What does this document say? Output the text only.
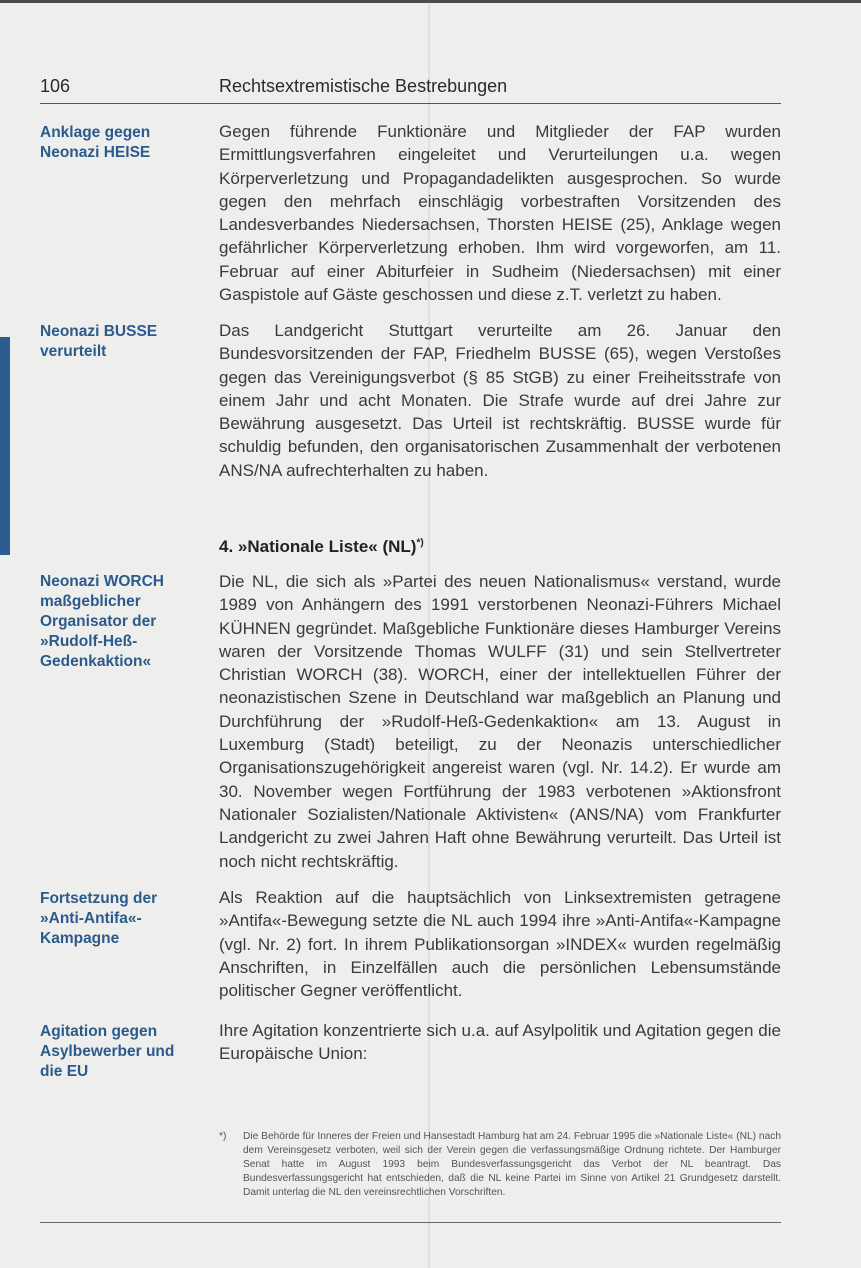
106	Rechtsextremistische Bestrebungen
Anklage gegen Neonazi HEISE
Neonazi BUSSE verurteilt
Neonazi WORCH maßgeblicher Organisator der »Rudolf-Heß-Gedenkaktion«
Fortsetzung der »Anti-Antifa«-Kampagne
Agitation gegen Asylbewerber und die EU
Gegen führende Funktionäre und Mitglieder der FAP wurden Ermittlungsverfahren eingeleitet und Verurteilungen u.a. wegen Körperverletzung und Propagandadelikten ausgesprochen. So wurde gegen den mehrfach einschlägig vorbestraften Vorsitzenden des Landesverbandes Niedersachsen, Thorsten HEISE (25), Anklage wegen gefährlicher Körperverletzung erhoben. Ihm wird vorgeworfen, am 11. Februar auf einer Abiturfeier in Sudheim (Niedersachsen) mit einer Gaspistole auf Gäste geschossen und diese z.T. verletzt zu haben.
Das Landgericht Stuttgart verurteilte am 26. Januar den Bundesvorsitzenden der FAP, Friedhelm BUSSE (65), wegen Verstoßes gegen das Vereinigungsverbot (§ 85 StGB) zu einer Freiheitsstrafe von einem Jahr und acht Monaten. Die Strafe wurde auf drei Jahre zur Bewährung ausgesetzt. Das Urteil ist rechtskräftig. BUSSE wurde für schuldig befunden, den organisatorischen Zusammenhalt der verbotenen ANS/NA aufrechterhalten zu haben.
4. »Nationale Liste« (NL)*)
Die NL, die sich als »Partei des neuen Nationalismus« verstand, wurde 1989 von Anhängern des 1991 verstorbenen Neonazi-Führers Michael KÜHNEN gegründet. Maßgebliche Funktionäre dieses Hamburger Vereins waren der Vorsitzende Thomas WULFF (31) und sein Stellvertreter Christian WORCH (38). WORCH, einer der intellektuellen Führer der neonazistischen Szene in Deutschland war maßgeblich an Planung und Durchführung der »Rudolf-Heß-Gedenkaktion« am 13. August in Luxemburg (Stadt) beteiligt, zu der Neonazis unterschiedlicher Organisationszugehörigkeit angereist waren (vgl. Nr. 14.2). Er wurde am 30. November wegen Fortführung der 1983 verbotenen »Aktionsfront Nationaler Sozialisten/Nationale Aktivisten« (ANS/NA) vom Frankfurter Landgericht zu zwei Jahren Haft ohne Bewährung verurteilt. Das Urteil ist noch nicht rechtskräftig.
Als Reaktion auf die hauptsächlich von Linksextremisten getragene »Antifa«-Bewegung setzte die NL auch 1994 ihre »Anti-Antifa«-Kampagne (vgl. Nr. 2) fort. In ihrem Publikationsorgan »INDEX« wurden regelmäßig Anschriften, in Einzelfällen auch die persönlichen Lebensumstände politischer Gegner veröffentlicht.
Ihre Agitation konzentrierte sich u.a. auf Asylpolitik und Agitation gegen die Europäische Union:
*)	Die Behörde für Inneres der Freien und Hansestadt Hamburg hat am 24. Februar 1995 die »Nationale Liste« (NL) nach dem Vereinsgesetz verboten, weil sich der Verein gegen die verfassungsmäßige Ordnung richtete. Der Hamburger Senat hatte im August 1993 beim Bundesverfassungsgericht das Verbot der NL beantragt. Das Bundesverfassungsgericht hat entschieden, daß die NL keine Partei im Sinne von Artikel 21 Grundgesetz darstellt. Damit unterlag die NL den vereinsrechtlichen Vorschriften.
